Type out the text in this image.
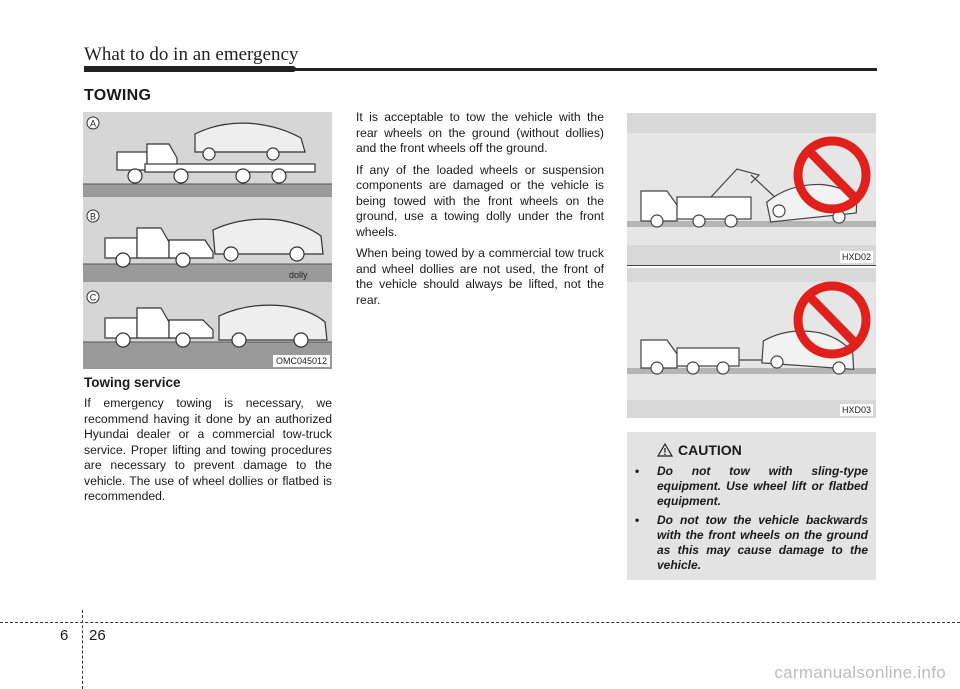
What to do in an emergency
TOWING
A
B
dolly
C
OMC045012
Towing service

If emergency towing is necessary, we recommend having it done by an authorized Hyundai dealer or a commercial tow-truck service. Proper lifting and towing procedures are necessary to prevent damage to the vehicle. The use of wheel dollies or flatbed is recommended.

It is acceptable to tow the vehicle with the rear wheels on the ground (without dollies) and the front wheels off the ground.

If any of the loaded wheels or suspension components are damaged or the vehicle is being towed with the front wheels on the ground, use a towing dolly under the front wheels.

When being towed by a commercial tow truck and wheel dollies are not used, the front of the vehicle should always be lifted, not the rear.

HXD02
HXD03
CAUTION
• Do not tow with sling-type equipment. Use wheel lift or flatbed equipment.
• Do not tow the vehicle backwards with the front wheels on the ground as this may cause damage to the vehicle.
6 26
carmanualsonline.info
